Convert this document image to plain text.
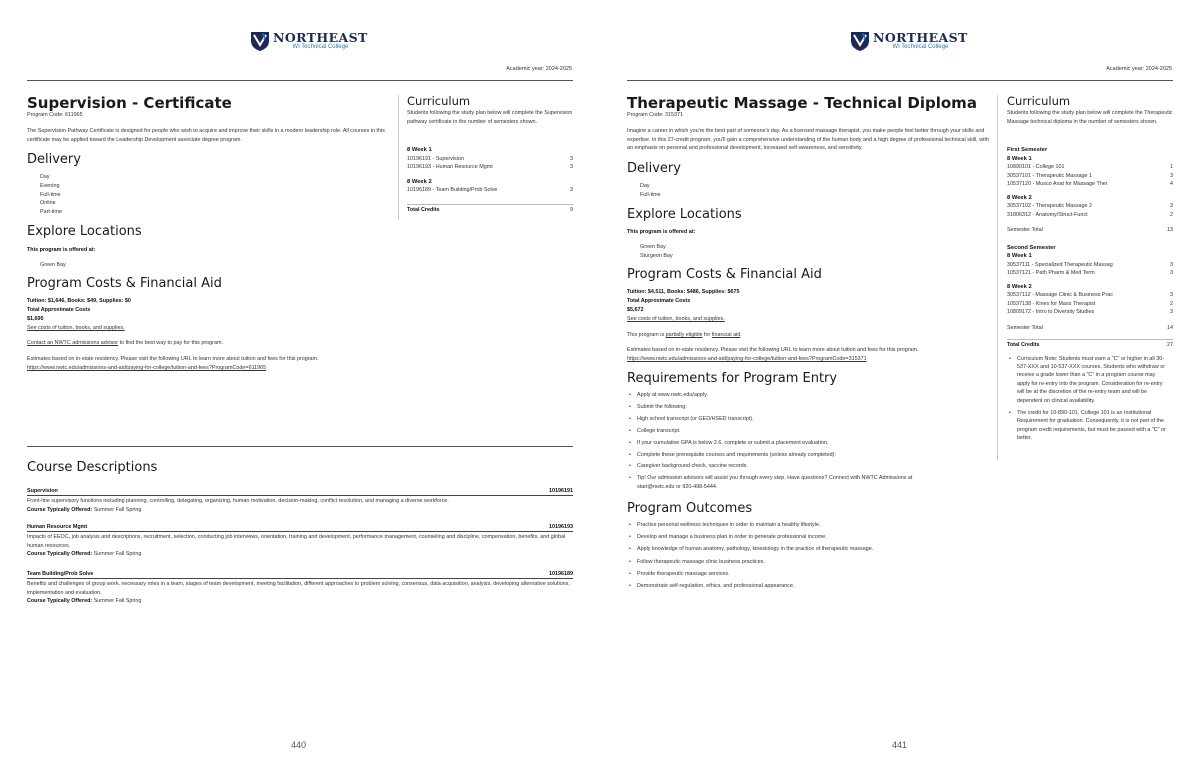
NORTHEAST
WI Technical College
Academic year: 2024-2025
Supervision - Certificate
Program Code: 611965
The Supervision Pathway Certificate is designed for people who wish to acquire and improve their skills in a modern leadership role. All courses in this certificate may be applied toward the Leadership Development associate degree program.
Delivery
Day
Evening
Full-time
Online
Part-time
Explore Locations
This program is offered at:
Green Bay
Program Costs & Financial Aid
Tuition: $1,646, Books: $49, Supplies: $0
Total Approximate Costs
$1,695
See costs of tuition, books, and supplies.
Contact an NWTC admissions advisor to find the best way to pay for this program.
Estimates based on in-state residency. Please visit the following URL to learn more about tuition and fees for this program.
https://www.nwtc.edu/admissions-and-aid/paying-for-college/tuition-and-fees?ProgramCode=611965
Curriculum
Students following the study plan below will complete the Supervision pathway certificate in the number of semesters shown.
8 Week 1
10196191 - Supervision	3
10196193 - Human Resource Mgmt	3
8 Week 2
10196189 - Team Building/Prob Solve	3
Total Credits	9
Course Descriptions
Supervision	10196191
Front-line supervisory functions including planning, controlling, delegating, organizing, human motivation, decision-making, conflict resolution, and managing a diverse workforce.
Course Typically Offered: Summer Fall Spring
Human Resource Mgmt	10196193
Impacts of EEOC, job analysis and descriptions, recruitment, selection, conducting job interviews, orientation, training and development, performance management, counseling and discipline, compensation, benefits, and global human resources.
Course Typically Offered: Summer Fall Spring
Team Building/Prob Solve	10196189
Benefits and challenges of group work, necessary roles in a team, stages of team development, meeting facilitation, different approaches to problem solving, consensus, data acquisition, analysis, developing alternative solutions, implementation and evaluation.
Course Typically Offered: Summer Fall Spring
440
NORTHEAST
WI Technical College
Academic year: 2024-2025
Therapeutic Massage - Technical Diploma
Program Code: 315371
Imagine a career in which you're the best part of someone's day. As a licensed massage therapist, you make people feel better through your skills and expertise. In this 27-credit program, you'll gain a comprehensive understanding of the human body and a high degree of professional technical skill, with an emphasis on personal and professional development, increased self-awareness, and sensitivity.
Delivery
Day
Full-time
Explore Locations
This program is offered at:
Green Bay
Sturgeon Bay
Program Costs & Financial Aid
Tuition: $4,511, Books: $486, Supplies: $675
Total Approximate Costs
$5,672
See costs of tuition, books, and supplies.
This program is partially eligible for financial aid.
Estimates based on in-state residency. Please visit the following URL to learn more about tuition and fees for this program.
https://www.nwtc.edu/admissions-and-aid/paying-for-college/tuition-and-fees?ProgramCode=315371
Requirements for Program Entry
• Apply at www.nwtc.edu/apply.
• Submit the following:
• High school transcript (or GED/HSED transcript).
• College transcript.
• If your cumulative GPA is below 2.6, complete or submit a placement evaluation.
• Complete these prerequisite courses and requirements (unless already completed):
• Caregiver background check, vaccine records.
• Tip! Our admission advisors will assist you through every step. Have questions? Connect with NWTC Admissions at start@nwtc.edu or 920-498-5444.
Program Outcomes
• Practice personal wellness techniques in order to maintain a healthy lifestyle.
• Develop and manage a business plan in order to generate professional income.
• Apply knowledge of human anatomy, pathology, kinesiology in the practice of therapeutic massage.
• Follow therapeutic massage clinic business practices.
• Provide therapeutic massage services.
• Demonstrate self-regulation, ethics, and professional appearance.
Curriculum
Students following the study plan below will complete the Therapeutic Massage technical diploma in the number of semesters shown.
First Semester
8 Week 1
10890101 - College 101	1
30537101 - Therapeutic Massage 1	3
10537120 - Musco Anat for Massage Ther	4
8 Week 2
30537102 - Therapeutic Massage 2	3
31806312 - Anatomy/Struct-Funct	2
Semester Total	13
Second Semester
8 Week 1
30537111 - Specialized Therapeutic Massag	3
10537121 - Path Pharm & Med Term	3
8 Week 2
30537112 - Massage Clinic & Business Prac	3
10537138 - Kines for Mass Therapist	2
10809172 - Intro to Diversity Studies	3
Semester Total	14
Total Credits	27
• Curriculum Note: Students must earn a "C" or higher in all 30-537-XXX and 10-537-XXX courses. Students who withdraw or receive a grade lower than a "C" in a program course may apply for re-entry into the program. Consideration for re-entry will be at the discretion of the re-entry team and will be dependent on clinical availability.
• The credit for 10-890-101, College 101 is an Institutional Requirement for graduation. Consequently, it is not part of the program credit requirements, but must be passed with a "C" or better.
441
